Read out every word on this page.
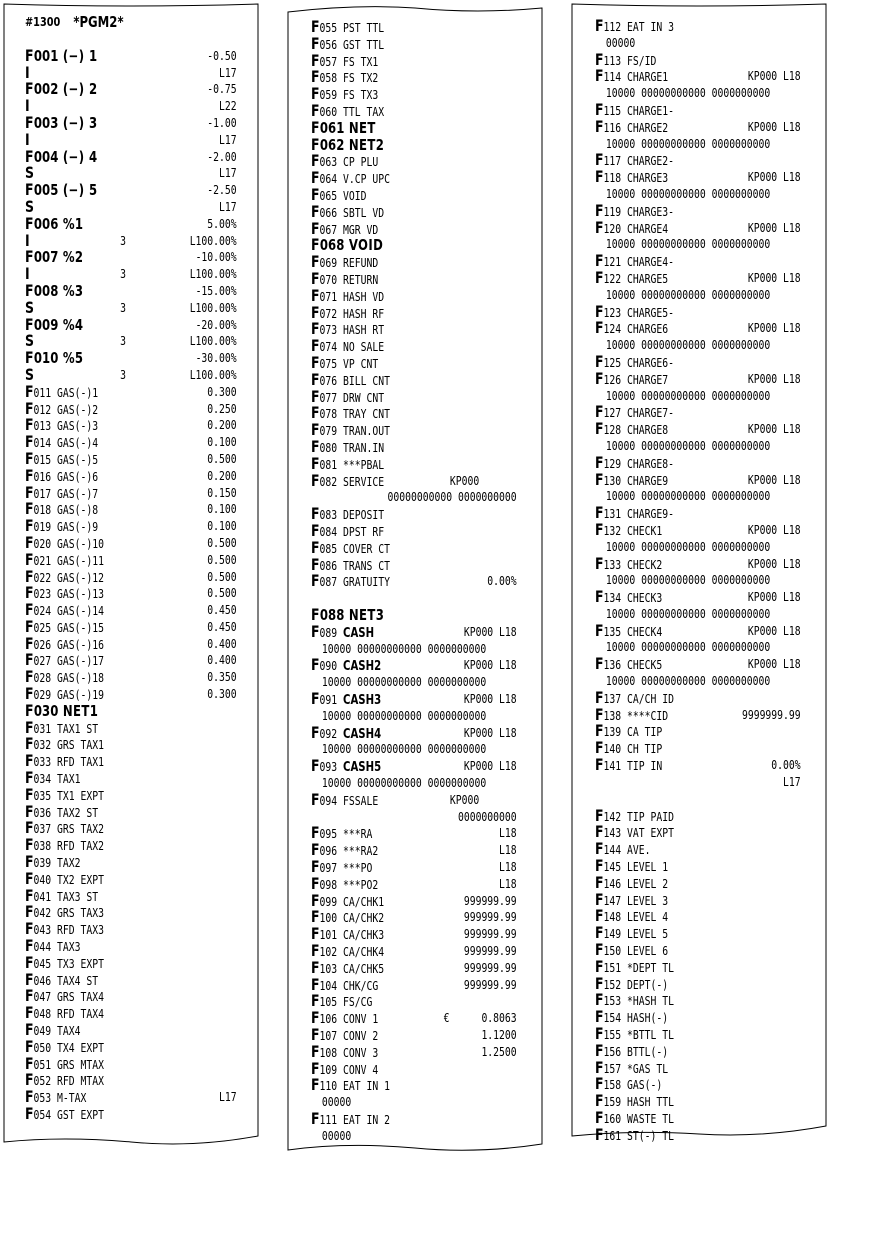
#1300 *PGM2*
F001 (−) 1	-0.50
I	L17
F002 (−) 2	-0.75
I	L22
F003 (−) 3	-1.00
I	L17
F004 (−) 4	-2.00
S	L17
F005 (−) 5	-2.50
S	L17
F006 %1	5.00%
I	3	L100.00%
F007 %2	-10.00%
I	3	L100.00%
F008 %3	-15.00%
S	3	L100.00%
F009 %4	-20.00%
S	3	L100.00%
F010 %5	-30.00%
S	3	L100.00%
F011 GAS(-)1	0.300
F012 GAS(-)2	0.250
F013 GAS(-)3	0.200
F014 GAS(-)4	0.100
F015 GAS(-)5	0.500
F016 GAS(-)6	0.200
F017 GAS(-)7	0.150
F018 GAS(-)8	0.100
F019 GAS(-)9	0.100
F020 GAS(-)10	0.500
F021 GAS(-)11	0.500
F022 GAS(-)12	0.500
F023 GAS(-)13	0.500
F024 GAS(-)14	0.450
F025 GAS(-)15	0.450
F026 GAS(-)16	0.400
F027 GAS(-)17	0.400
F028 GAS(-)18	0.350
F029 GAS(-)19	0.300
F030 NET1
F031 TAX1 ST
F032 GRS TAX1
F033 RFD TAX1
F034 TAX1
F035 TX1 EXPT
F036 TAX2 ST
F037 GRS TAX2
F038 RFD TAX2
F039 TAX2
F040 TX2 EXPT
F041 TAX3 ST
F042 GRS TAX3
F043 RFD TAX3
F044 TAX3
F045 TX3 EXPT
F046 TAX4 ST
F047 GRS TAX4
F048 RFD TAX4
F049 TAX4
F050 TX4 EXPT
F051 GRS MTAX
F052 RFD MTAX
F053 M-TAX	L17
F054 GST EXPT
F055 PST TTL
F056 GST TTL
F057 FS TX1
F058 FS TX2
F059 FS TX3
F060 TTL TAX
F061 NET
F062 NET2
F063 CP PLU
F064 V.CP UPC
F065 VOID
F066 SBTL VD
F067 MGR VD
F068 VOID
F069 REFUND
F070 RETURN
F071 HASH VD
F072 HASH RF
F073 HASH RT
F074 NO SALE
F075 VP CNT
F076 BILL CNT
F077 DRW CNT
F078 TRAY CNT
F079 TRAN.OUT
F080 TRAN.IN
F081 ***PBAL
F082 SERVICE	KP000
00000000000 0000000000
F083 DEPOSIT
F084 DPST RF
F085 COVER CT
F086 TRANS CT
F087 GRATUITY	0.00%
F088 NET3
F089 CASH	KP000 L18
10000 00000000000 0000000000
F090 CASH2	KP000 L18
10000 00000000000 0000000000
F091 CASH3	KP000 L18
10000 00000000000 0000000000
F092 CASH4	KP000 L18
10000 00000000000 0000000000
F093 CASH5	KP000 L18
10000 00000000000 0000000000
F094 FSSALE	KP000
0000000000
F095 ***RA	L18
F096 ***RA2	L18
F097 ***PO	L18
F098 ***PO2	L18
F099 CA/CHK1	999999.99
F100 CA/CHK2	999999.99
F101 CA/CHK3	999999.99
F102 CA/CHK4	999999.99
F103 CA/CHK5	999999.99
F104 CHK/CG	999999.99
F105 FS/CG
F106 CONV 1	€	0.8063
F107 CONV 2	1.1200
F108 CONV 3	1.2500
F109 CONV 4
F110 EAT IN 1
00000
F111 EAT IN 2
00000
F112 EAT IN 3
00000
F113 FS/ID
F114 CHARGE1	KP000 L18
10000 00000000000 0000000000
F115 CHARGE1-
F116 CHARGE2	KP000 L18
10000 00000000000 0000000000
F117 CHARGE2-
F118 CHARGE3	KP000 L18
10000 00000000000 0000000000
F119 CHARGE3-
F120 CHARGE4	KP000 L18
10000 00000000000 0000000000
F121 CHARGE4-
F122 CHARGE5	KP000 L18
10000 00000000000 0000000000
F123 CHARGE5-
F124 CHARGE6	KP000 L18
10000 00000000000 0000000000
F125 CHARGE6-
F126 CHARGE7	KP000 L18
10000 00000000000 0000000000
F127 CHARGE7-
F128 CHARGE8	KP000 L18
10000 00000000000 0000000000
F129 CHARGE8-
F130 CHARGE9	KP000 L18
10000 00000000000 0000000000
F131 CHARGE9-
F132 CHECK1	KP000 L18
10000 00000000000 0000000000
F133 CHECK2	KP000 L18
10000 00000000000 0000000000
F134 CHECK3	KP000 L18
10000 00000000000 0000000000
F135 CHECK4	KP000 L18
10000 00000000000 0000000000
F136 CHECK5	KP000 L18
10000 00000000000 0000000000
F137 CA/CH ID
F138 ****CID	9999999.99
F139 CA TIP
F140 CH TIP
F141 TIP IN	0.00%
L17
F142 TIP PAID
F143 VAT EXPT
F144 AVE.
F145 LEVEL 1
F146 LEVEL 2
F147 LEVEL 3
F148 LEVEL 4
F149 LEVEL 5
F150 LEVEL 6
F151 *DEPT TL
F152 DEPT(-)
F153 *HASH TL
F154 HASH(-)
F155 *BTTL TL
F156 BTTL(-)
F157 *GAS TL
F158 GAS(-)
F159 HASH TTL
F160 WASTE TL
F161 ST(-) TL
